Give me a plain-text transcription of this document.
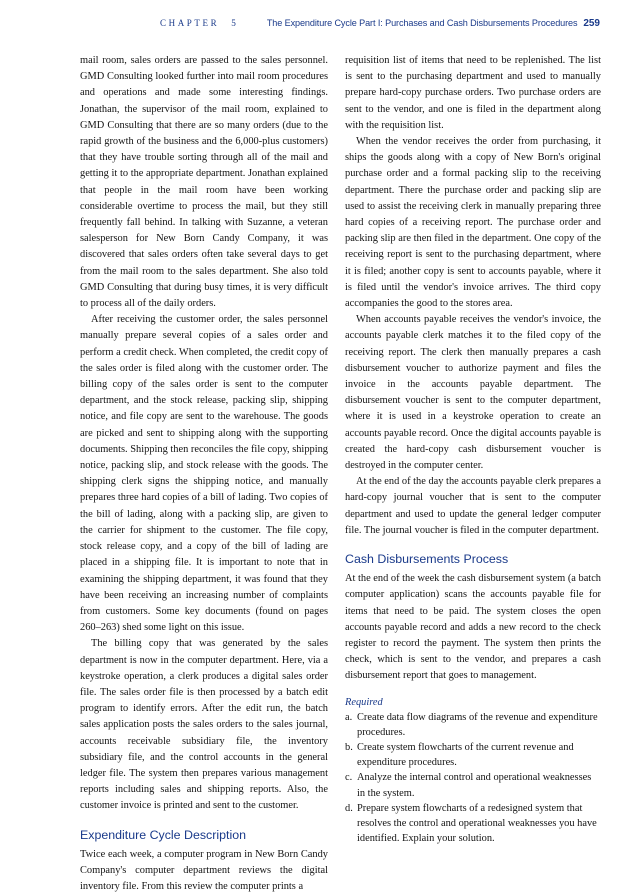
CHAPTER 5	The Expenditure Cycle Part I: Purchases and Cash Disbursements Procedures 259

mail room, sales orders are passed to the sales personnel. GMD Consulting looked further into mail room procedures and operations and made some interesting findings. Jonathan, the supervisor of the mail room, explained to GMD Consulting that there are so many orders (due to the rapid growth of the business and the 6,000-plus customers) that they have trouble sorting through all of the mail and getting it to the appropriate department. Jonathan explained that people in the mail room have been working considerable overtime to process the mail, but they still frequently fall behind. In talking with Suzanne, a veteran salesperson for New Born Candy Company, it was discovered that sales orders often take several days to get from the mail room to the sales department. She also told GMD Consulting that during busy times, it is very difficult to process all of the daily orders.

After receiving the customer order, the sales personnel manually prepare several copies of a sales order and perform a credit check. When completed, the credit copy of the sales order is filed along with the customer order. The billing copy of the sales order is sent to the computer department, and the stock release, packing slip, shipping notice, and file copy are sent to the warehouse. The goods are picked and sent to shipping along with the supporting documents. Shipping then reconciles the file copy, shipping notice, packing slip, and stock release with the goods. The shipping clerk signs the shipping notice, and manually prepares three hard copies of a bill of lading. Two copies of the bill of lading, along with a packing slip, are given to the carrier for shipment to the customer. The file copy, stock release copy, and a copy of the bill of lading are placed in a shipping file. It is important to note that in examining the shipping department, it was found that they have been receiving an increasing number of complaints from customers. Some key documents (found on pages 260–263) shed some light on this issue.

The billing copy that was generated by the sales department is now in the computer department. Here, via a keystroke operation, a clerk produces a digital sales order file. The sales order file is then processed by a batch edit program to identify errors. After the edit run, the batch sales application posts the sales orders to the sales journal, accounts receivable subsidiary file, the inventory subsidiary file, and the control accounts in the general ledger file. The system then prepares various management reports including sales and shipping reports. Also, the customer invoice is printed and sent to the customer.

Expenditure Cycle Description

Twice each week, a computer program in New Born Candy Company's computer department reviews the digital inventory file. From this review the computer prints a

requisition list of items that need to be replenished. The list is sent to the purchasing department and used to manually prepare hard-copy purchase orders. Two purchase orders are sent to the vendor, and one is filed in the department along with the requisition list.

When the vendor receives the order from purchasing, it ships the goods along with a copy of New Born's original purchase order and a formal packing slip to the receiving department. There the purchase order and packing slip are used to assist the receiving clerk in manually preparing three hard copies of a receiving report. The purchase order and packing slip are then filed in the department. One copy of the receiving report is sent to the purchasing department, where it is filed; another copy is sent to accounts payable, where it is filed until the vendor's invoice arrives. The third copy accompanies the good to the stores area.

When accounts payable receives the vendor's invoice, the accounts payable clerk matches it to the filed copy of the receiving report. The clerk then manually prepares a cash disbursement voucher to authorize payment and files the invoice in the accounts payable department. The disbursement voucher is sent to the computer department, where it is used in a keystroke operation to create an accounts payable record. Once the digital accounts payable is created the hard-copy cash disbursement voucher is destroyed in the computer center.

At the end of the day the accounts payable clerk prepares a hard-copy journal voucher that is sent to the computer department and used to update the general ledger computer file. The journal voucher is filed in the computer department.

Cash Disbursements Process

At the end of the week the cash disbursement system (a batch computer application) scans the accounts payable file for items that need to be paid. The system closes the open accounts payable record and adds a new record to the check register to record the payment. The system then prints the check, which is sent to the vendor, and prepares a cash disbursement report that goes to management.

Required
a. Create data flow diagrams of the revenue and expenditure procedures.
b. Create system flowcharts of the current revenue and expenditure procedures.
c. Analyze the internal control and operational weaknesses in the system.
d. Prepare system flowcharts of a redesigned system that resolves the control and operational weaknesses you have identified. Explain your solution.
